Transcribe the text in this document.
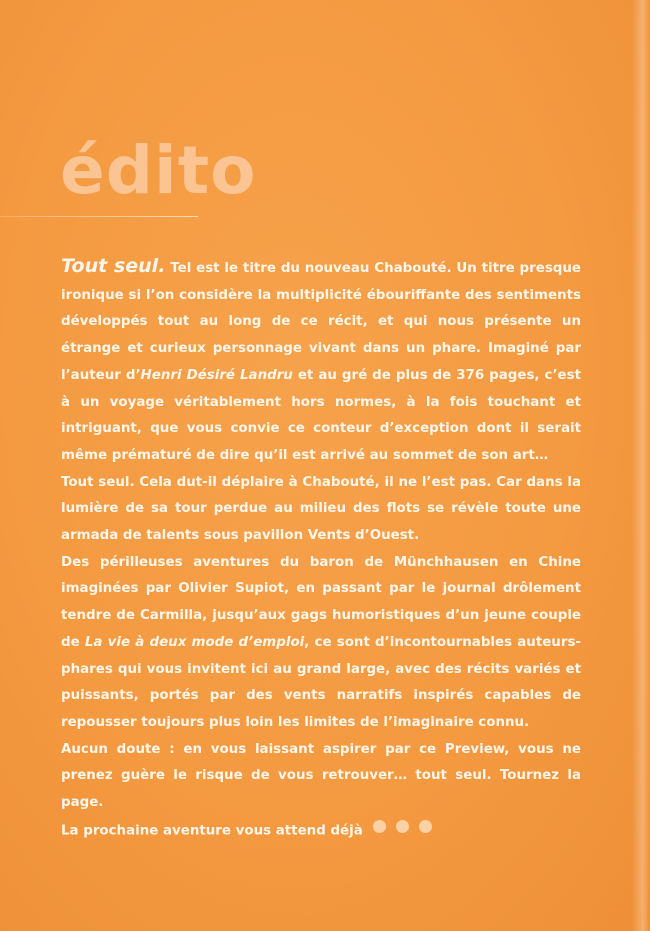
édito

Tout seul. Tel est le titre du nouveau Chabouté. Un titre presque ironique si l’on considère la multiplicité ébouriffante des sentiments développés tout au long de ce récit, et qui nous présente un étrange et curieux personnage vivant dans un phare. Imaginé par l’auteur d’Henri Désiré Landru et au gré de plus de 376 pages, c’est à un voyage véritablement hors normes, à la fois touchant et intriguant, que vous convie ce conteur d’exception dont il serait même prématuré de dire qu’il est arrivé au sommet de son art…

Tout seul. Cela dut-il déplaire à Chabouté, il ne l’est pas. Car dans la lumière de sa tour perdue au milieu des flots se révèle toute une armada de talents sous pavillon Vents d’Ouest.

Des périlleuses aventures du baron de Münchhausen en Chine imaginées par Olivier Supiot, en passant par le journal drôlement tendre de Carmilla, jusqu’aux gags humoristiques d’un jeune couple de La vie à deux mode d’emploi, ce sont d’incontournables auteurs-phares qui vous invitent ici au grand large, avec des récits variés et puissants, portés par des vents narratifs inspirés capables de repousser toujours plus loin les limites de l’imaginaire connu.

Aucun doute : en vous laissant aspirer par ce Preview, vous ne prenez guère le risque de vous retrouver… tout seul. Tournez la page.

La prochaine aventure vous attend déjà
